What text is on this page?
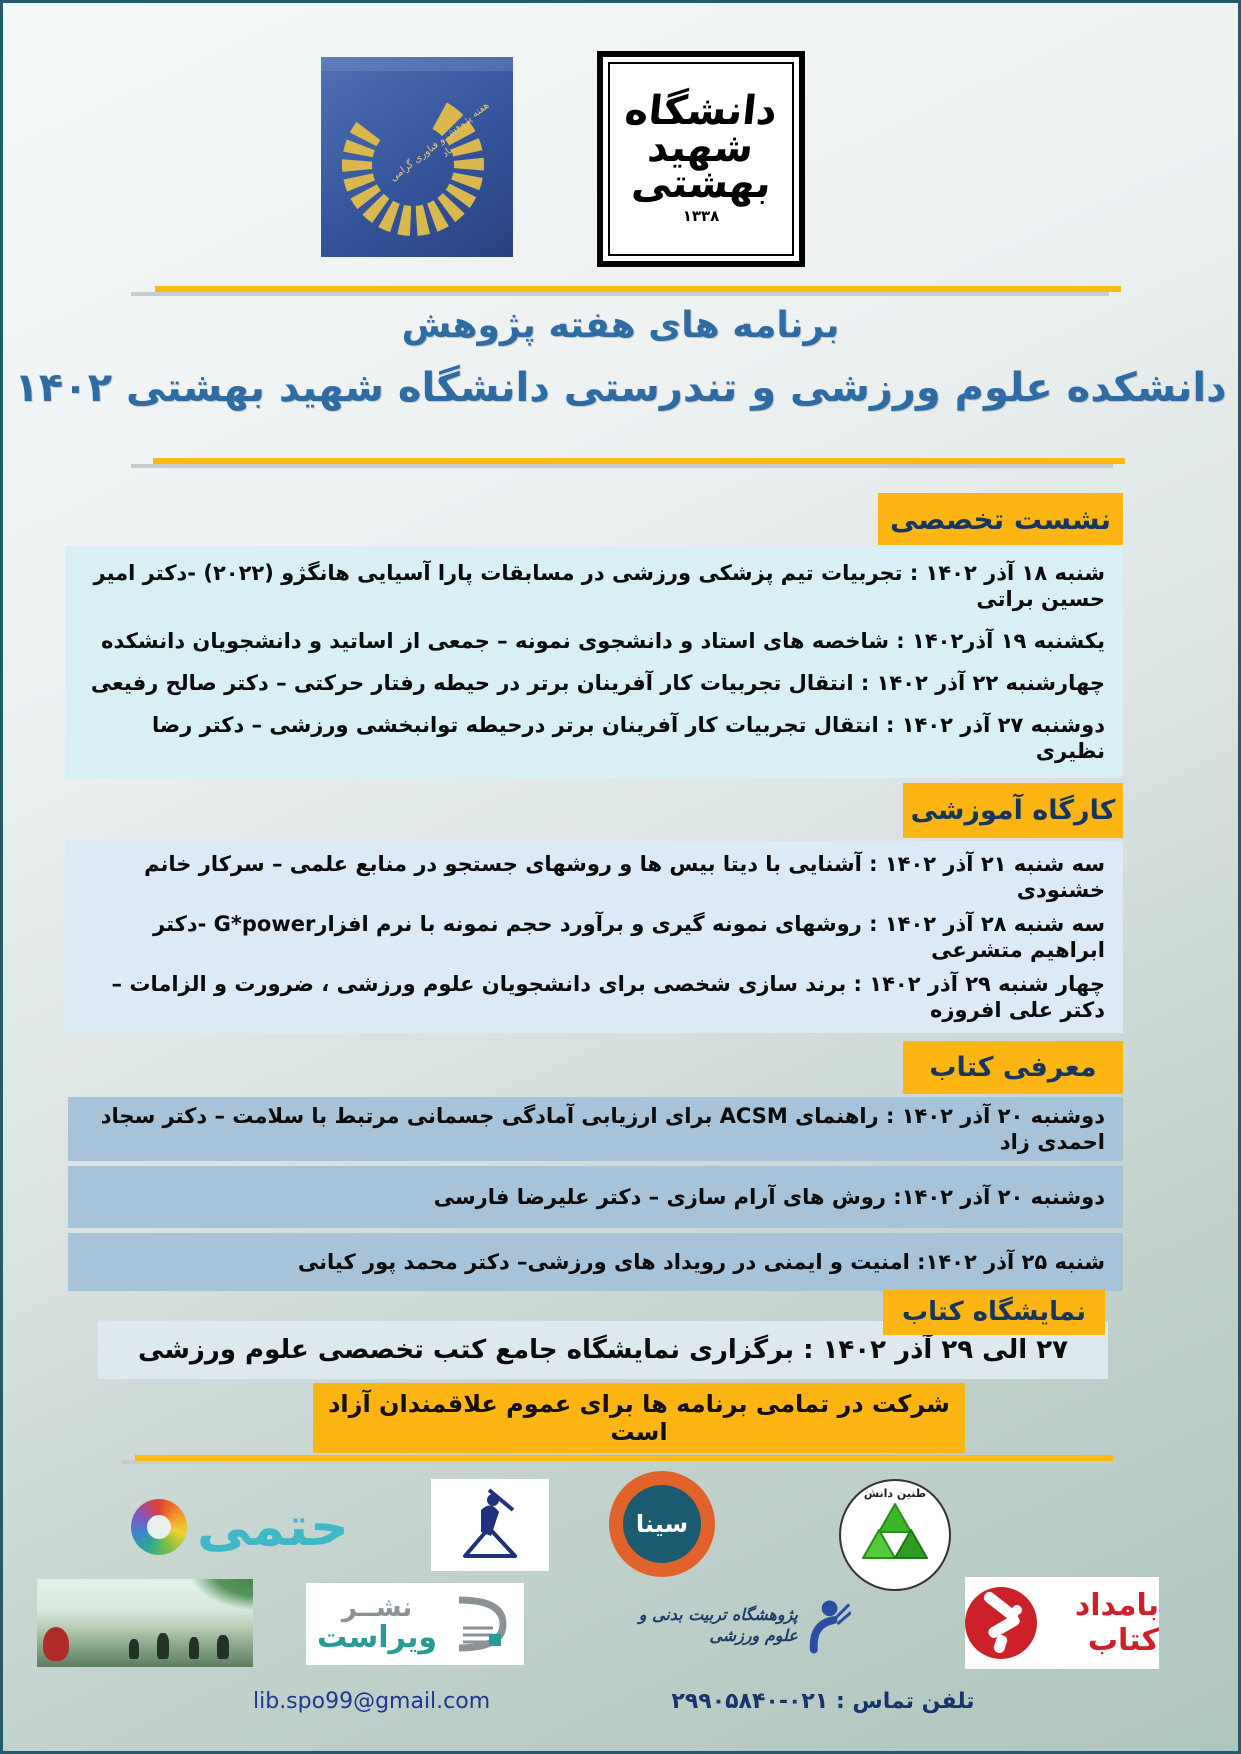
هفته پژوهش و فناوری گرامی باد
دانشگاه
شهید
بهشتی
۱۳۳۸
برنامه های هفته پژوهش
دانشکده علوم ورزشی و تندرستی دانشگاه شهید بهشتی ۱۴۰۲
نشست تخصصی
شنبه ۱۸ آذر ۱۴۰۲ : تجربیات تیم پزشکی ورزشی در مسابقات پارا آسیایی هانگژو (۲۰۲۲) -دکتر امیر حسین براتی
یکشنبه ۱۹ آذر۱۴۰۲ : شاخصه های استاد و دانشجوی نمونه – جمعی از اساتید و دانشجویان دانشکده
چهارشنبه ۲۲ آذر ۱۴۰۲ : انتقال تجربیات کار آفرینان برتر در حیطه رفتار حرکتی – دکتر صالح رفیعی
دوشنبه ۲۷ آذر ۱۴۰۲ : انتقال تجربیات کار آفرینان برتر درحیطه توانبخشی ورزشی – دکتر رضا نظیری
کارگاه آموزشی
سه شنبه ۲۱ آذر ۱۴۰۲ : آشنایی با دیتا بیس ها و روشهای جستجو در منابع علمی – سرکار خانم خشنودی
سه شنبه ۲۸ آذر ۱۴۰۲ : روشهای نمونه گیری و برآورد حجم نمونه با نرم افزارG*power -دکتر ابراهیم متشرعی
چهار شنبه ۲۹ آذر ۱۴۰۲ : برند سازی شخصی برای دانشجویان علوم ورزشی ، ضرورت و الزامات – دکتر علی افروزه
معرفی کتاب
دوشنبه ۲۰ آذر ۱۴۰۲ : راهنمای ACSM برای ارزیابی آمادگی جسمانی مرتبط با سلامت – دکتر سجاد احمدی زاد
دوشنبه ۲۰ آذر ۱۴۰۲: روش های آرام سازی – دکتر علیرضا فارسی
شنبه ۲۵ آذر ۱۴۰۲: امنیت و ایمنی در رویداد های ورزشی– دکتر محمد پور کیانی
نمایشگاه کتاب
۲۷ الی ۲۹ آذر ۱۴۰۲ : برگزاری نمایشگاه جامع کتب تخصصی علوم ورزشی
شرکت در تمامی برنامه ها برای عموم علاقمندان آزاد است
حتمی	سینا
طنین دانش
نشــر
ویراست
پژوهشگاه تربیت بدنی و علوم ورزشی
بامداد کتاب
lib.spo99@gmail.com	تلفن تماس : ۰۲۱-۲۹۹۰۵۸۴۰
